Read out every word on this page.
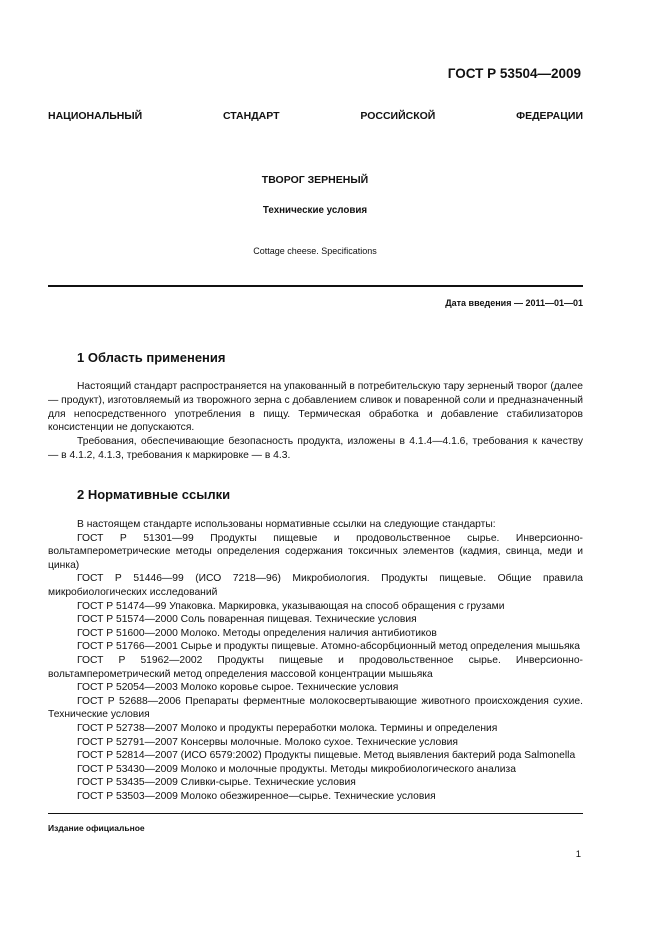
ГОСТ Р 53504—2009
НАЦИОНАЛЬНЫЙ	СТАНДАРТ	РОССИЙСКОЙ	ФЕДЕРАЦИИ
ТВОРОГ ЗЕРНЕНЫЙ
Технические условия
Cottage cheese. Specifications
Дата введения — 2011—01—01
1 Область применения

Настоящий стандарт распространяется на упакованный в потребительскую тару зерненый творог (далее — продукт), изготовляемый из творожного зерна с добавлением сливок и поваренной соли и предназначенный для непосредственного употребления в пищу. Термическая обработка и добавление стабилизаторов консистенции не допускаются.

Требования, обеспечивающие безопасность продукта, изложены в 4.1.4—4.1.6, требования к качеству — в 4.1.2, 4.1.3, требования к маркировке — в 4.3.

2 Нормативные ссылки

В настоящем стандарте использованы нормативные ссылки на следующие стандарты:

ГОСТ Р 51301—99 Продукты пищевые и продовольственное сырье. Инверсионно-вольтамперометрические методы определения содержания токсичных элементов (кадмия, свинца, меди и цинка)

ГОСТ Р 51446—99 (ИСО 7218—96) Микробиология. Продукты пищевые. Общие правила микробиологических исследований

ГОСТ Р 51474—99 Упаковка. Маркировка, указывающая на способ обращения с грузами

ГОСТ Р 51574—2000 Соль поваренная пищевая. Технические условия

ГОСТ Р 51600—2000 Молоко. Методы определения наличия антибиотиков

ГОСТ Р 51766—2001 Сырье и продукты пищевые. Атомно-абсорбционный метод определения мышьяка

ГОСТ Р 51962—2002 Продукты пищевые и продовольственное сырье. Инверсионно-вольтамперометрический метод определения массовой концентрации мышьяка

ГОСТ Р 52054—2003 Молоко коровье сырое. Технические условия

ГОСТ Р 52688—2006 Препараты ферментные молокосвертывающие животного происхождения сухие. Технические условия

ГОСТ Р 52738—2007 Молоко и продукты переработки молока. Термины и определения

ГОСТ Р 52791—2007 Консервы молочные. Молоко сухое. Технические условия

ГОСТ Р 52814—2007 (ИСО 6579:2002) Продукты пищевые. Метод выявления бактерий рода Salmonella

ГОСТ Р 53430—2009 Молоко и молочные продукты. Методы микробиологического анализа

ГОСТ Р 53435—2009 Сливки-сырье. Технические условия

ГОСТ Р 53503—2009 Молоко обезжиренное—сырье. Технические условия

Издание официальное
1
